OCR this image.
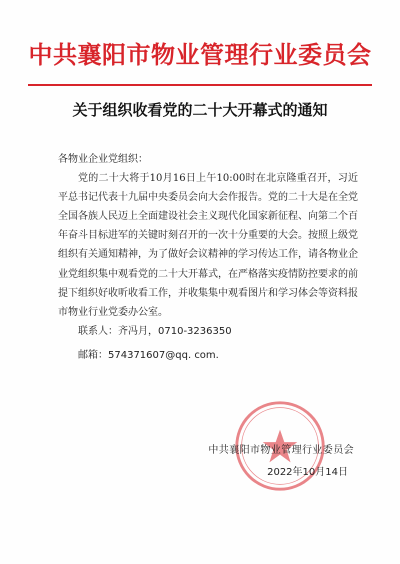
中共襄阳市物业管理行业委员会
关于组织收看党的二十大开幕式的通知

各物业企业党组织：

党的二十大将于10月16日上午10:00时在北京隆重召开，习近平总书记代表十九届中央委员会向大会作报告。党的二十大是在全党全国各族人民迈上全面建设社会主义现代化国家新征程、向第二个百年奋斗目标进军的关键时刻召开的一次十分重要的大会。按照上级党组织有关通知精神，为了做好会议精神的学习传达工作，请各物业企业党组织集中观看党的二十大开幕式，在严格落实疫情防控要求的前提下组织好收听收看工作，并收集集中观看图片和学习体会等资料报市物业行业党委办公室。

联系人：齐冯月，0710-3236350

邮箱：574371607@qq. com.

中共襄阳市物业管理行业委员会
2022年10月14日
